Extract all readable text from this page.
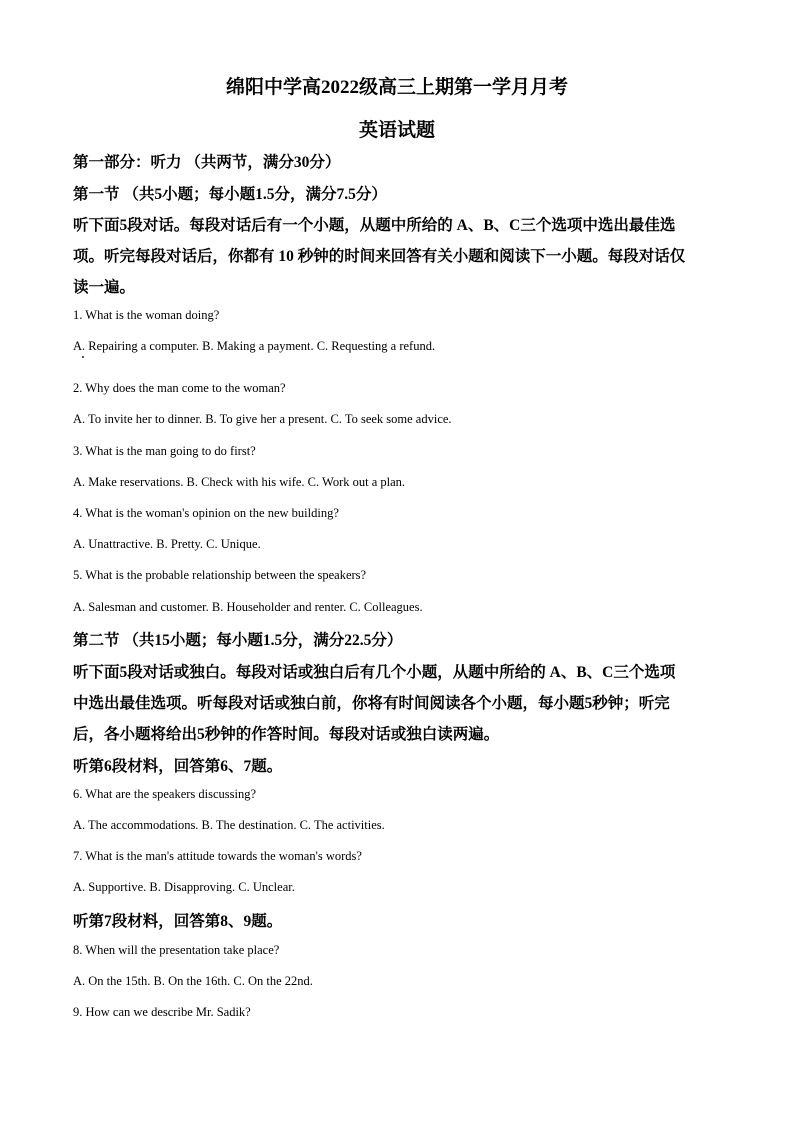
绵阳中学高2022级高三上期第一学月月考
英语试题
第一部分：听力 （共两节，满分30分）
第一节 （共5小题；每小题1.5分，满分7.5分）
听下面5段对话。每段对话后有一个小题，从题中所给的 A、B、C三个选项中选出最佳选
项。听完每段对话后，你都有 10 秒钟的时间来回答有关小题和阅读下一小题。每段对话仅
读一遍。
1. What is the woman doing?
A. Repairing a computer. B. Making a payment. C. Requesting a refund.
2. Why does the man come to the woman?
A. To invite her to dinner. B. To give her a present. C. To seek some advice.
3. What is the man going to do first?
A. Make reservations. B. Check with his wife. C. Work out a plan.
4. What is the woman's opinion on the new building?
A. Unattractive. B. Pretty. C. Unique.
5. What is the probable relationship between the speakers?
A. Salesman and customer. B. Householder and renter. C. Colleagues.
第二节 （共15小题；每小题1.5分，满分22.5分）
听下面5段对话或独白。每段对话或独白后有几个小题，从题中所给的 A、B、C三个选项
中选出最佳选项。听每段对话或独白前，你将有时间阅读各个小题，每小题5秒钟；听完
后，各小题将给出5秒钟的作答时间。每段对话或独白读两遍。
听第6段材料，回答第6、7题。
6. What are the speakers discussing?
A. The accommodations. B. The destination. C. The activities.
7. What is the man's attitude towards the woman's words?
A. Supportive. B. Disapproving. C. Unclear.
听第7段材料，回答第8、9题。
8. When will the presentation take place?
A. On the 15th. B. On the 16th. C. On the 22nd.
9. How can we describe Mr. Sadik?
